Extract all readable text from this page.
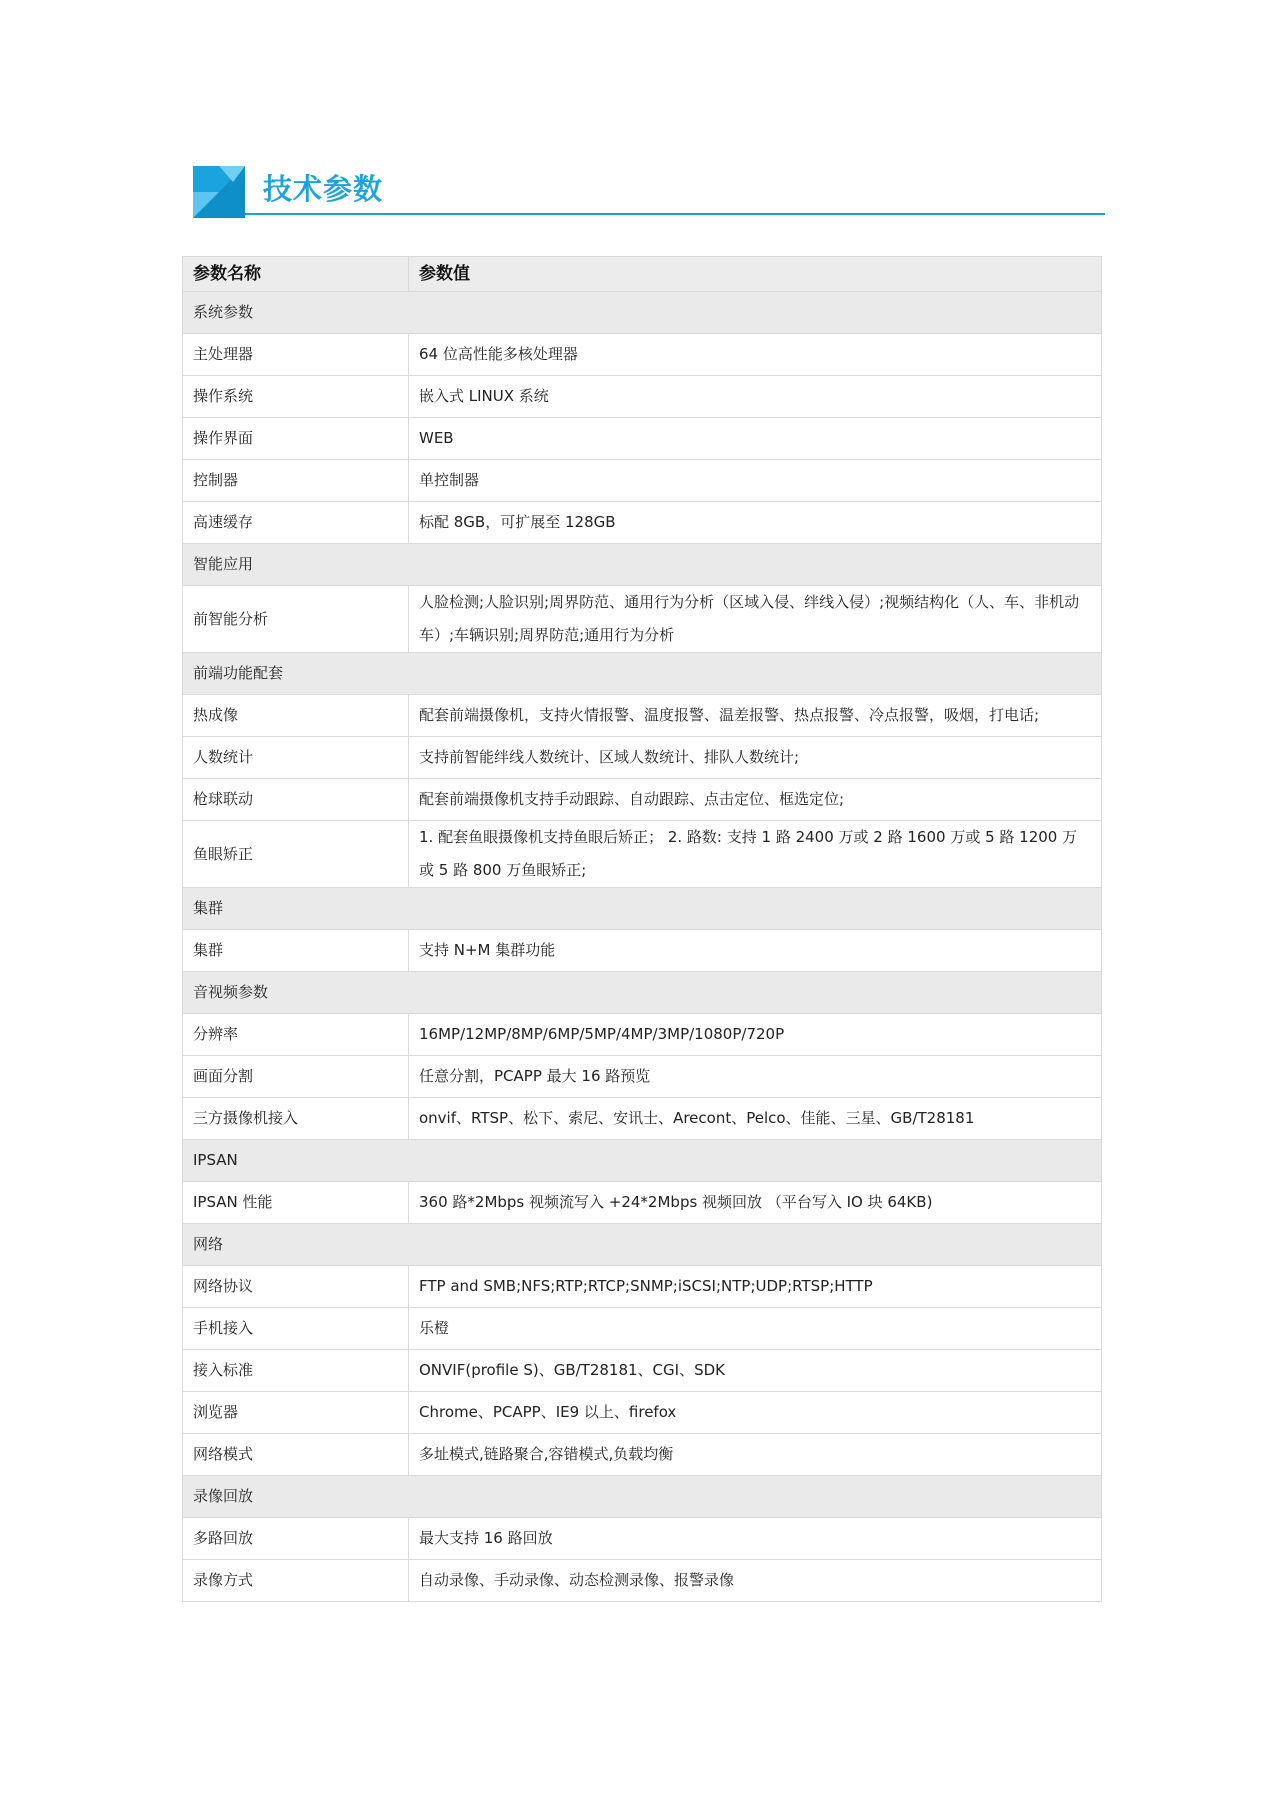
技术参数
参数名称	参数值
系统参数	
主处理器	64 位高性能多核处理器
操作系统	嵌入式 LINUX 系统
操作界面	WEB
控制器	单控制器
高速缓存	标配 8GB，可扩展至 128GB
智能应用	
前智能分析	人脸检测;人脸识别;周界防范、通用行为分析（区域入侵、绊线入侵）;视频结构化（人、车、非机动车）;车辆识别;周界防范;通用行为分析
前端功能配套	
热成像	配套前端摄像机，支持火情报警、温度报警、温差报警、热点报警、冷点报警，吸烟，打电话;
人数统计	支持前智能绊线人数统计、区域人数统计、排队人数统计;
枪球联动	配套前端摄像机支持手动跟踪、自动跟踪、点击定位、框选定位;
鱼眼矫正	1. 配套鱼眼摄像机支持鱼眼后矫正； 2. 路数: 支持 1 路 2400 万或 2 路 1600 万或 5 路 1200 万或 5 路 800 万鱼眼矫正;
集群	
集群	支持 N+M 集群功能
音视频参数	
分辨率	16MP/12MP/8MP/6MP/5MP/4MP/3MP/1080P/720P
画面分割	任意分割，PCAPP 最大 16 路预览
三方摄像机接入	onvif、RTSP、松下、索尼、安讯士、Arecont、Pelco、佳能、三星、GB/T28181
IPSAN	
IPSAN 性能	360 路*2Mbps 视频流写入 +24*2Mbps 视频回放 （平台写入 IO 块 64KB)
网络	
网络协议	FTP and SMB;NFS;RTP;RTCP;SNMP;iSCSI;NTP;UDP;RTSP;HTTP
手机接入	乐橙
接入标准	ONVIF(profile S)、GB/T28181、CGI、SDK
浏览器	Chrome、PCAPP、IE9 以上、firefox
网络模式	多址模式,链路聚合,容错模式,负载均衡
录像回放	
多路回放	最大支持 16 路回放
录像方式	自动录像、手动录像、动态检测录像、报警录像
